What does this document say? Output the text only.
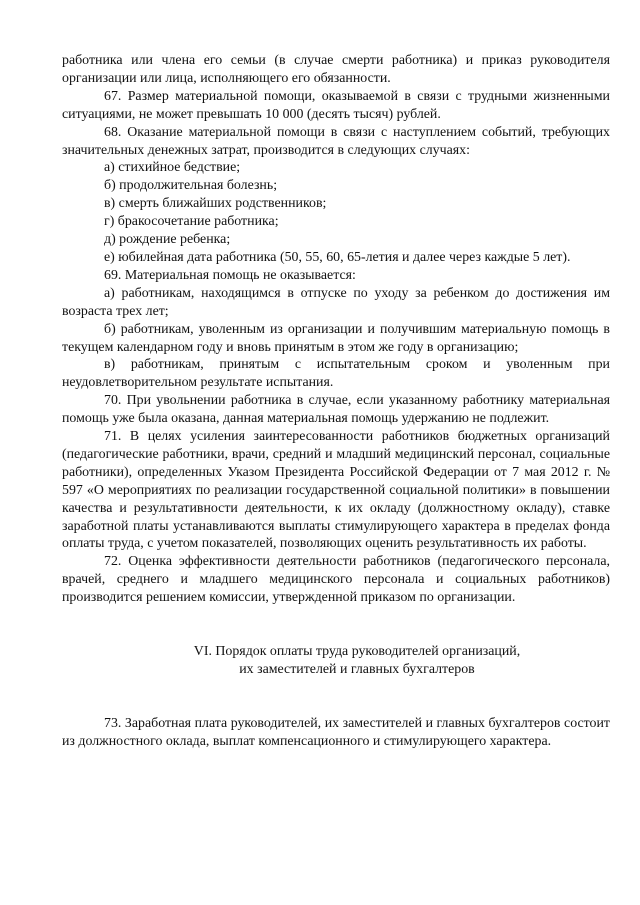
работника или члена его семьи (в случае смерти работника) и приказ руководителя организации или лица, исполняющего его обязанности.

67. Размер материальной помощи, оказываемой в связи с трудными жизненными ситуациями, не может превышать 10 000 (десять тысяч) рублей.

68. Оказание материальной помощи в связи с наступлением событий, требующих значительных денежных затрат, производится в следующих случаях:

а) стихийное бедствие;

б) продолжительная болезнь;

в) смерть ближайших родственников;

г) бракосочетание работника;

д) рождение ребенка;

е) юбилейная дата работника (50, 55, 60, 65-летия и далее через каждые 5 лет).

69. Материальная помощь не оказывается:

а) работникам, находящимся в отпуске по уходу за ребенком до достижения им возраста трех лет;

б) работникам, уволенным из организации и получившим материальную помощь в текущем календарном году и вновь принятым в этом же году в организацию;

в) работникам, принятым с испытательным сроком и уволенным при неудовлетворительном результате испытания.

70. При увольнении работника в случае, если указанному работнику материальная помощь уже была оказана, данная материальная помощь удержанию не подлежит.

71. В целях усиления заинтересованности работников бюджетных организаций (педагогические работники, врачи, средний и младший медицинский персонал, социальные работники), определенных Указом Президента Российской Федерации от 7 мая 2012 г. № 597 «О мероприятиях по реализации государственной социальной политики» в повышении качества и результативности деятельности, к их окладу (должностному окладу), ставке заработной платы устанавливаются выплаты стимулирующего характера в пределах фонда оплаты труда, с учетом показателей, позволяющих оценить результативность их работы.

72. Оценка эффективности деятельности работников (педагогического персонала, врачей, среднего и младшего медицинского персонала и социальных работников) производится решением комиссии, утвержденной приказом по организации.

VI. Порядок оплаты труда руководителей организаций,

их заместителей и главных бухгалтеров

73. Заработная плата руководителей, их заместителей и главных бухгалтеров состоит из должностного оклада, выплат компенсационного и стимулирующего характера.
